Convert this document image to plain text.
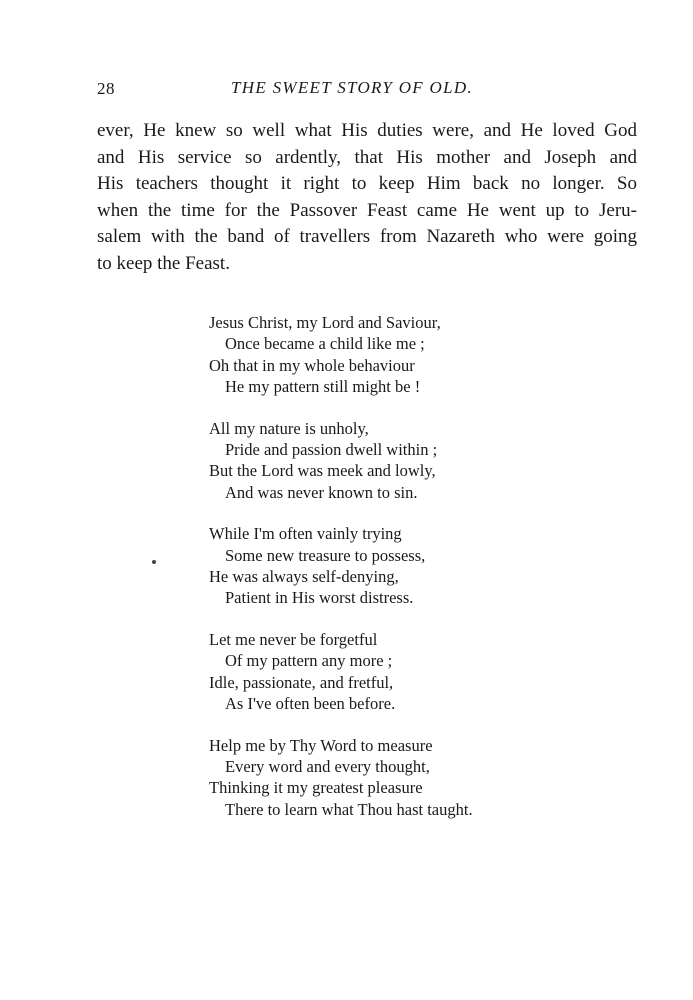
28	THE SWEET STORY OF OLD.
ever, He knew so well what His duties were, and He loved God
and His service so ardently, that His mother and Joseph and
His teachers thought it right to keep Him back no longer. So
when the time for the Passover Feast came He went up to Jeru-
salem with the band of travellers from Nazareth who were going
to keep the Feast.
Jesus Christ, my Lord and Saviour,
Once became a child like me ;
Oh that in my whole behaviour
He my pattern still might be !
All my nature is unholy,
Pride and passion dwell within ;
But the Lord was meek and lowly,
And was never known to sin.
While I'm often vainly trying
Some new treasure to possess,
He was always self-denying,
Patient in His worst distress.
Let me never be forgetful
Of my pattern any more ;
Idle, passionate, and fretful,
As I've often been before.
Help me by Thy Word to measure
Every word and every thought,
Thinking it my greatest pleasure
There to learn what Thou hast taught.
